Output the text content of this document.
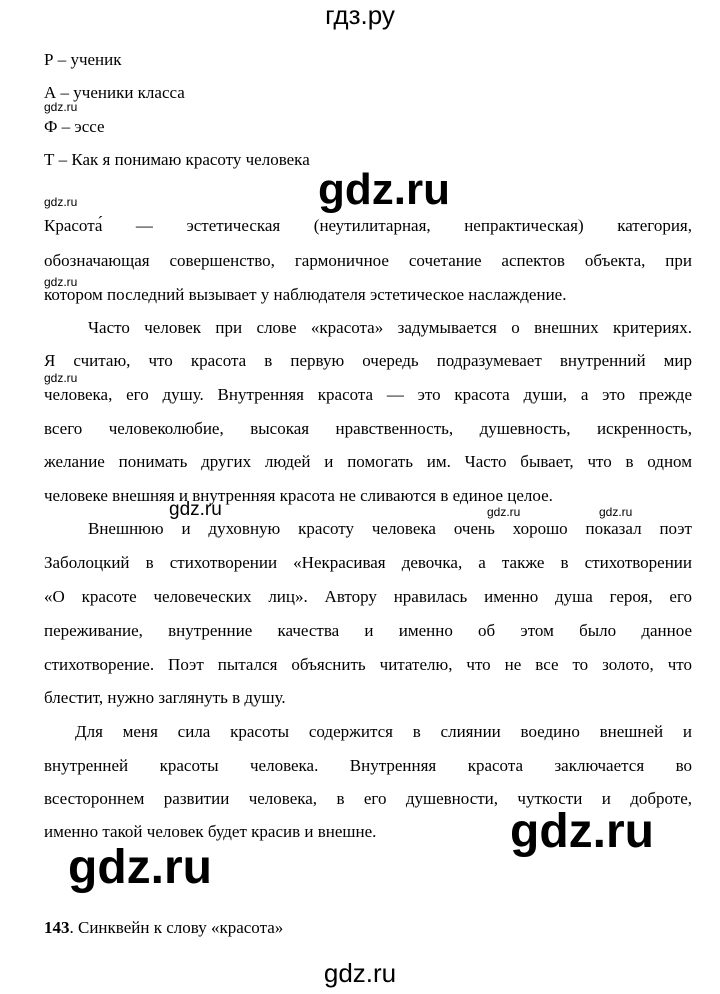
гдз.ру
Р – ученик
А – ученики класса
gdz.ru
Ф – эссе
Т – Как я понимаю красоту человека
gdz.ru
gdz.ru
Красота́ — эстетическая (неутилитарная, непрактическая) категория,
обозначающая совершенство, гармоничное сочетание аспектов объекта, при
gdz.ru
котором последний вызывает у наблюдателя эстетическое наслаждение.
Часто человек при слове «красота» задумывается о внешних критериях.
Я считаю, что красота в первую очередь подразумевает внутренний мир
gdz.ru
человека, его душу. Внутренняя красота — это красота души, а это прежде
всего человеколюбие, высокая нравственность, душевность, искренность,
желание понимать других людей и помогать им. Часто бывает, что в одном
человеке внешняя и внутренняя красота не сливаются в единое целое.
gdz.ru	gdz.ru	gdz.ru
Внешнюю и духовную красоту человека очень хорошо показал поэт
Заболоцкий в стихотворении «Некрасивая девочка, а также в стихотворении
«О красоте человеческих лиц». Автору нравилась именно душа героя, его
переживание, внутренние качества и именно об этом было данное
стихотворение. Поэт пытался объяснить читателю, что не все то золото, что
блестит, нужно заглянуть в душу.
Для меня сила красоты содержится в слиянии воедино внешней и
внутренней красоты человека. Внутренняя красота заключается во
всестороннем развитии человека, в его душевности, чуткости и доброте,
именно такой человек будет красив и внешне.	gdz.ru
gdz.ru
143. Синквейн к слову «красота»
gdz.ru
